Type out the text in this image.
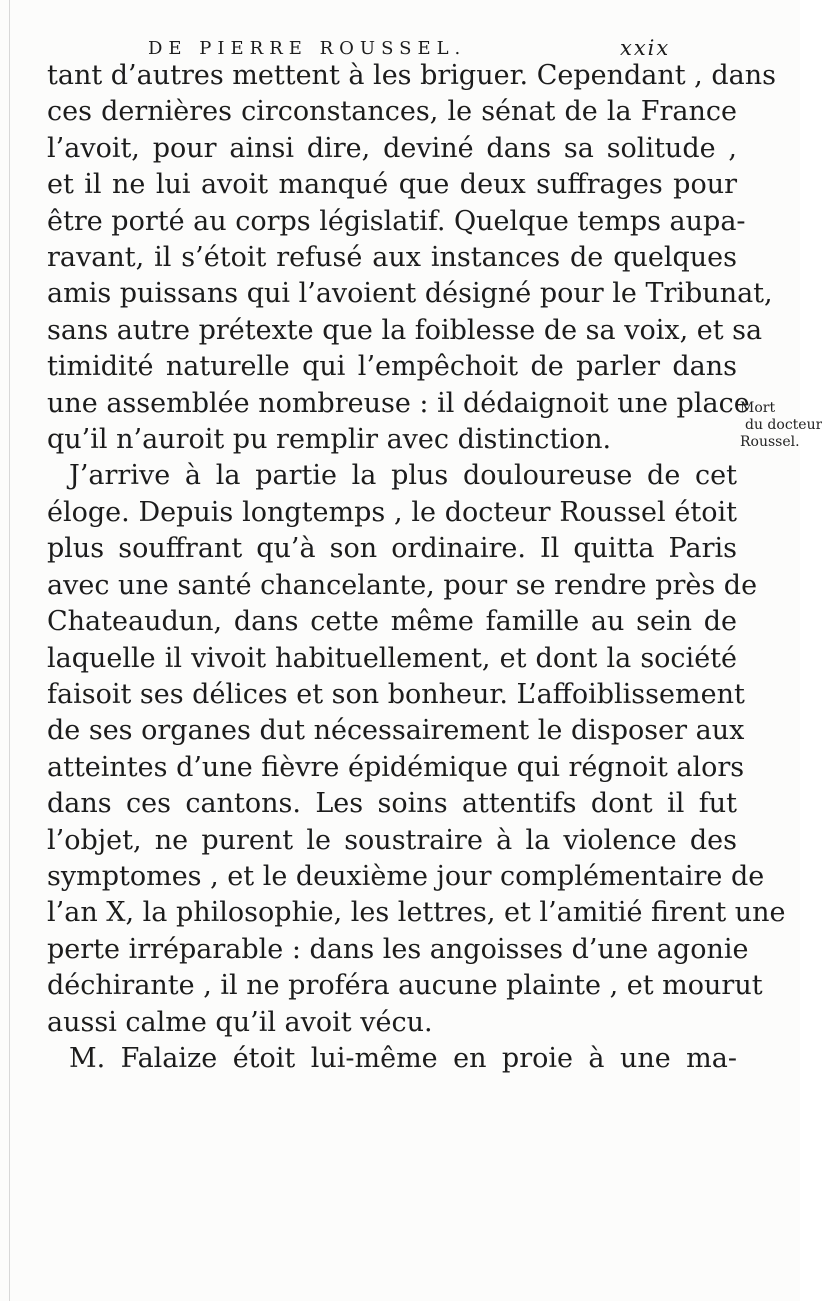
DE PIERRE ROUSSEL.	xxix
tant d’autres mettent à les briguer. Cependant , dans
ces dernières circonstances, le sénat de la France
l’avoit, pour ainsi dire, deviné dans sa solitude ,
et il ne lui avoit manqué que deux suffrages pour
être porté au corps législatif. Quelque temps aupa-
ravant, il s’étoit refusé aux instances de quelques
amis puissans qui l’avoient désigné pour le Tribunat,
sans autre prétexte que la foiblesse de sa voix, et sa
timidité naturelle qui l’empêchoit de parler dans
une assemblée nombreuse : il dédaignoit une place
qu’il n’auroit pu remplir avec distinction.
J’arrive à la partie la plus douloureuse de cet
éloge. Depuis longtemps , le docteur Roussel étoit
plus souffrant qu’à son ordinaire. Il quitta Paris
avec une santé chancelante, pour se rendre près de
Chateaudun, dans cette même famille au sein de
laquelle il vivoit habituellement, et dont la société
faisoit ses délices et son bonheur. L’affoiblissement
de ses organes dut nécessairement le disposer aux
atteintes d’une fièvre épidémique qui régnoit alors
dans ces cantons. Les soins attentifs dont il fut
l’objet, ne purent le soustraire à la violence des
symptomes , et le deuxième jour complémentaire de
l’an X, la philosophie, les lettres, et l’amitié firent une
perte irréparable : dans les angoisses d’une agonie
déchirante , il ne proféra aucune plainte , et mourut
aussi calme qu’il avoit vécu.
M. Falaize étoit lui-même en proie à une ma-
Mort
du docteur
Roussel.
